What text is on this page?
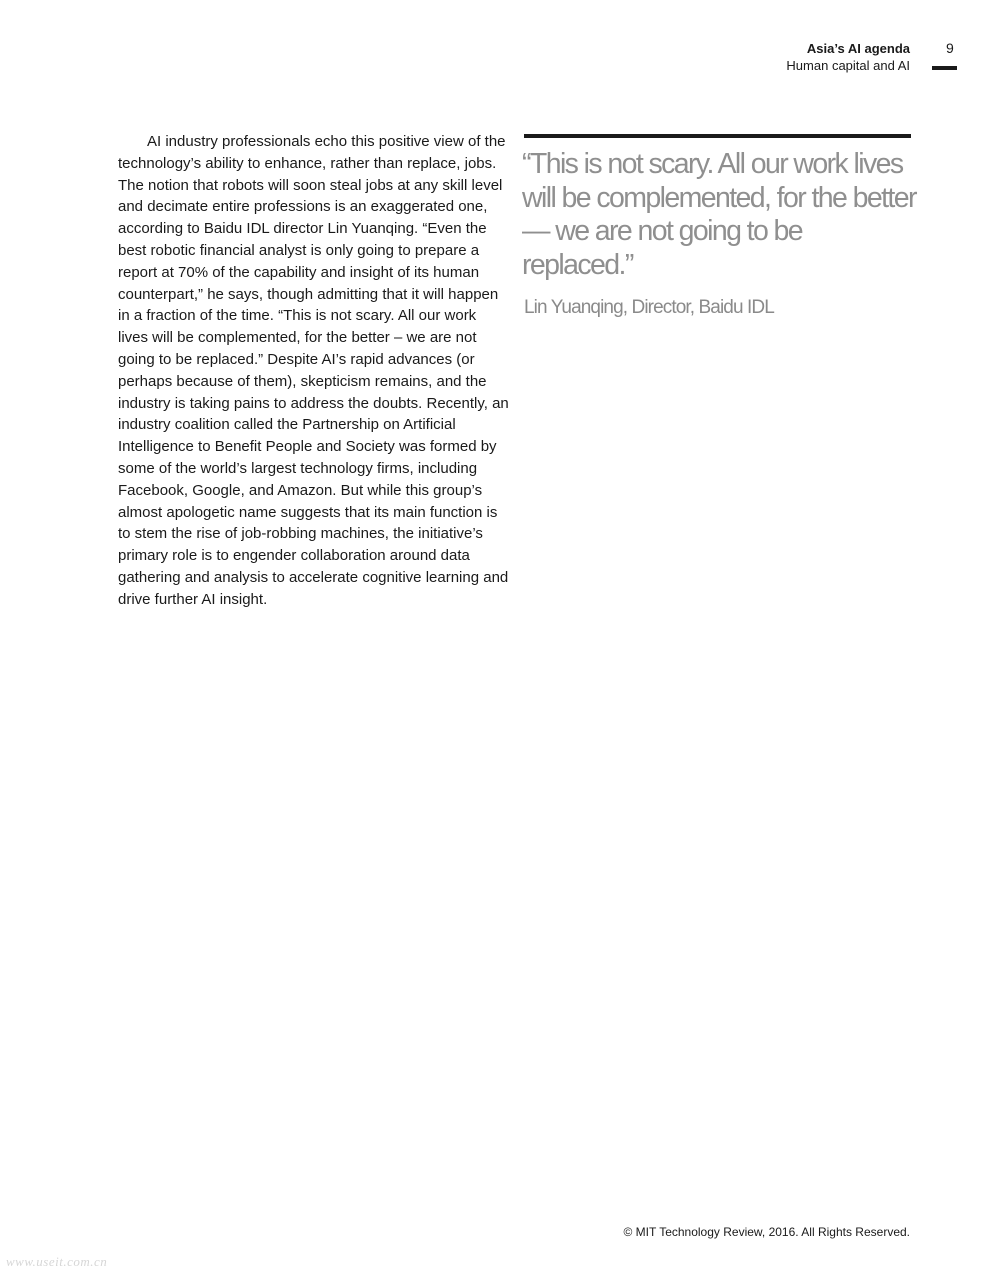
Asia’s AI agenda
Human capital and AI
9

AI industry professionals echo this positive view of the technology’s ability to enhance, rather than replace, jobs. The notion that robots will soon steal jobs at any skill level and decimate entire professions is an exaggerated one, according to Baidu IDL director Lin Yuanqing. “Even the best robotic financial analyst is only going to prepare a report at 70% of the capability and insight of its human counterpart,” he says, though admitting that it will happen in a fraction of the time. “This is not scary. All our work lives will be complemented, for the better – we are not going to be replaced.” Despite AI’s rapid advances (or perhaps because of them), skepticism remains, and the industry is taking pains to address the doubts. Recently, an industry coalition called the Partnership on Artificial Intelligence to Benefit People and Society was formed by some of the world’s largest technology firms, including Facebook, Google, and Amazon. But while this group’s almost apologetic name suggests that its main function is to stem the rise of job-robbing machines, the initiative’s primary role is to engender collaboration around data gathering and analysis to accelerate cognitive learning and drive further AI insight.

“This is not scary. All our work lives will be complemented, for the better — we are not going to be replaced.”

Lin Yuanqing, Director, Baidu IDL

© MIT Technology Review, 2016. All Rights Reserved.
www.useit.com.cn
